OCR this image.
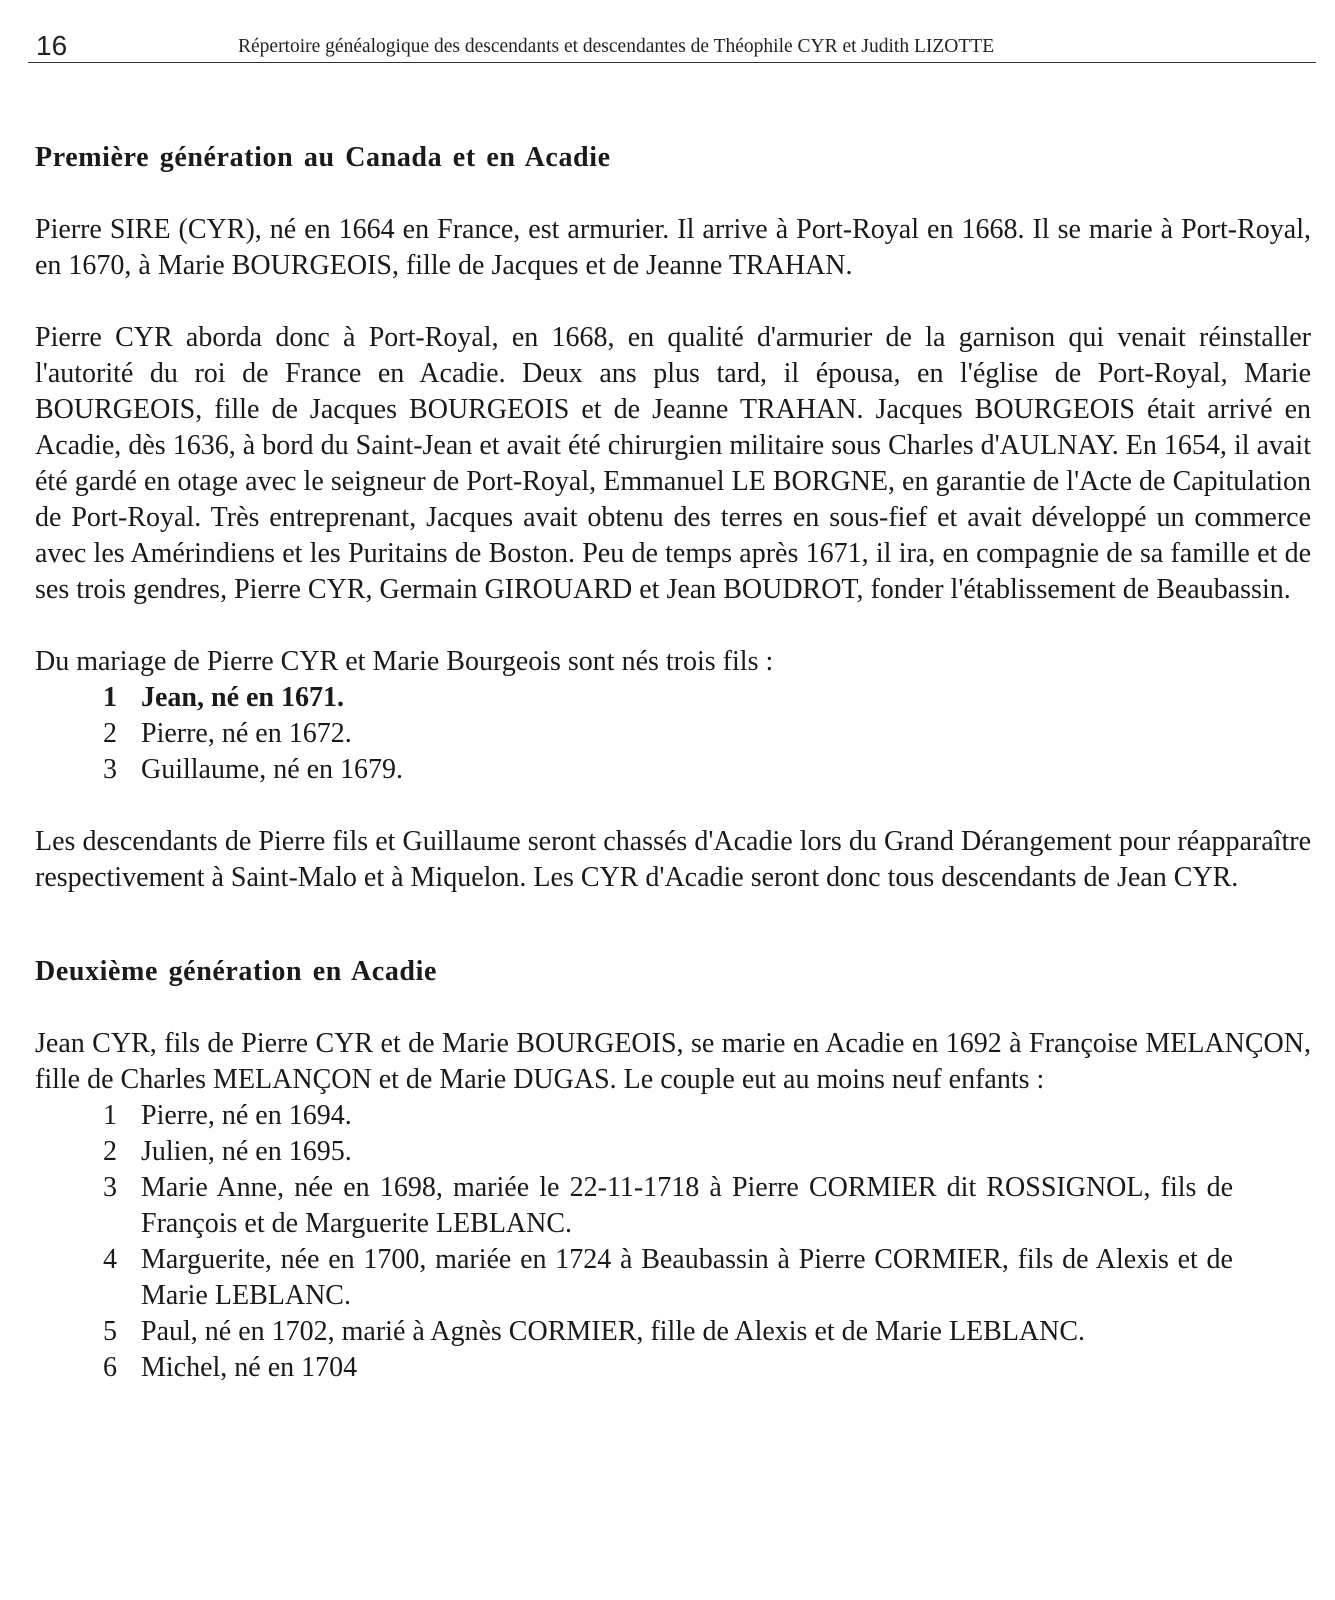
16	Répertoire généalogique des descendants et descendantes de Théophile CYR et Judith LIZOTTE
Première génération au Canada et en Acadie

Pierre SIRE (CYR), né en 1664 en France, est armurier. Il arrive à Port-Royal en 1668. Il se marie à Port-Royal, en 1670, à Marie BOURGEOIS, fille de Jacques et de Jeanne TRAHAN.

Pierre CYR aborda donc à Port-Royal, en 1668, en qualité d'armurier de la garnison qui venait réinstaller l'autorité du roi de France en Acadie. Deux ans plus tard, il épousa, en l'église de Port-Royal, Marie BOURGEOIS, fille de Jacques BOURGEOIS et de Jeanne TRAHAN. Jacques BOURGEOIS était arrivé en Acadie, dès 1636, à bord du Saint-Jean et avait été chirurgien militaire sous Charles d'AULNAY. En 1654, il avait été gardé en otage avec le seigneur de Port-Royal, Emmanuel LE BORGNE, en garantie de l'Acte de Capitulation de Port-Royal. Très entreprenant, Jacques avait obtenu des terres en sous-fief et avait développé un commerce avec les Amérindiens et les Puritains de Boston. Peu de temps après 1671, il ira, en compagnie de sa famille et de ses trois gendres, Pierre CYR, Germain GIROUARD et Jean BOUDROT, fonder l'établissement de Beaubassin.

Du mariage de Pierre CYR et Marie Bourgeois sont nés trois fils :

1 Jean, né en 1671.
2 Pierre, né en 1672.
3 Guillaume, né en 1679.

Les descendants de Pierre fils et Guillaume seront chassés d'Acadie lors du Grand Dérangement pour réapparaître respectivement à Saint-Malo et à Miquelon. Les CYR d'Acadie seront donc tous descendants de Jean CYR.

Deuxième génération en Acadie

Jean CYR, fils de Pierre CYR et de Marie BOURGEOIS, se marie en Acadie en 1692 à Françoise MELANÇON, fille de Charles MELANÇON et de Marie DUGAS. Le couple eut au moins neuf enfants :

1 Pierre, né en 1694.
2 Julien, né en 1695.
3 Marie Anne, née en 1698, mariée le 22-11-1718 à Pierre CORMIER dit ROSSIGNOL, fils de François et de Marguerite LEBLANC.
4 Marguerite, née en 1700, mariée en 1724 à Beaubassin à Pierre CORMIER, fils de Alexis et de Marie LEBLANC.
5 Paul, né en 1702, marié à Agnès CORMIER, fille de Alexis et de Marie LEBLANC.
6 Michel, né en 1704
